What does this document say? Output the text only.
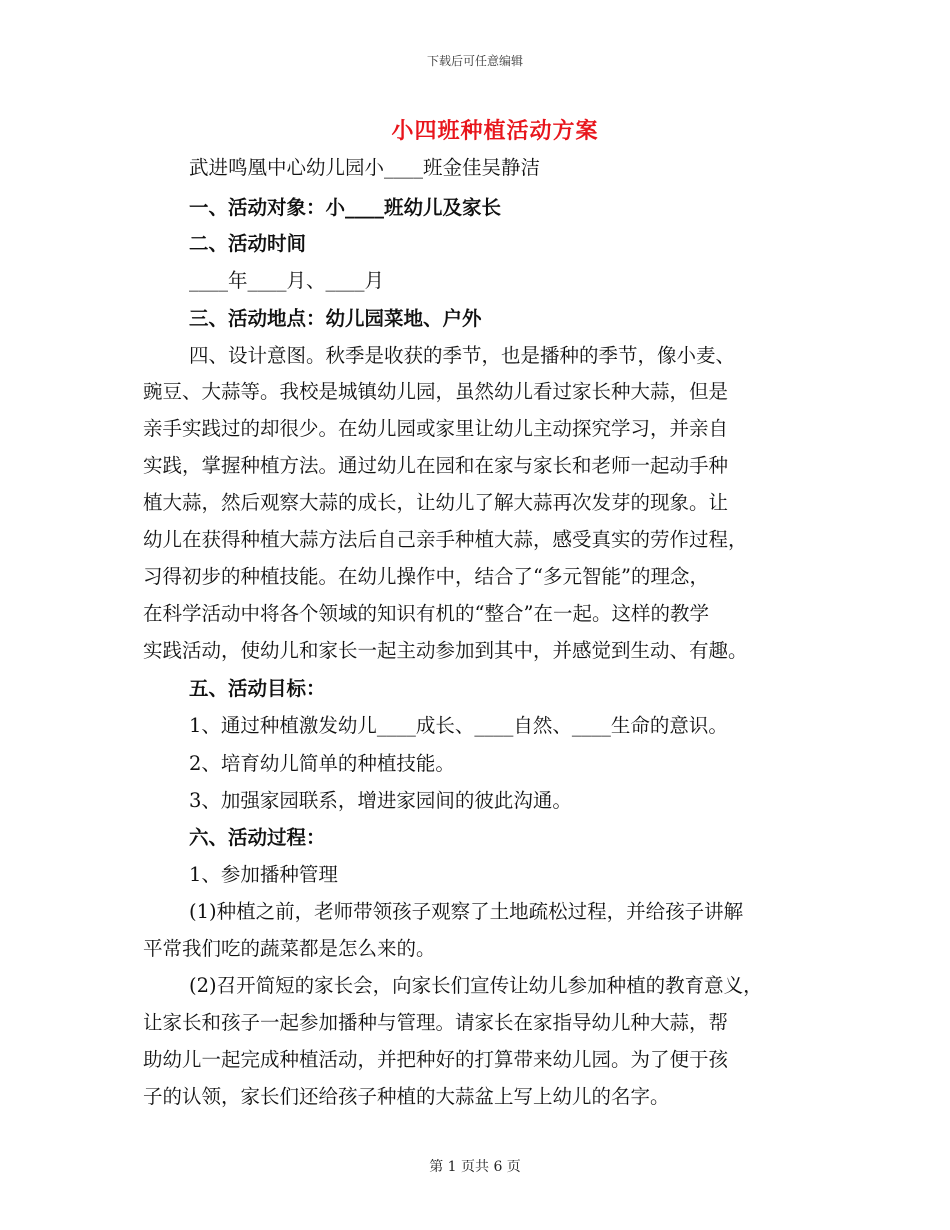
下载后可任意编辑
小四班种植活动方案
武进鸣凰中心幼儿园小____班金佳吴静洁
一、活动对象：小____班幼儿及家长
二、活动时间
____年____月、____月
三、活动地点：幼儿园菜地、户外
四、设计意图。秋季是收获的季节，也是播种的季节，像小麦、
豌豆、大蒜等。我校是城镇幼儿园，虽然幼儿看过家长种大蒜，但是
亲手实践过的却很少。在幼儿园或家里让幼儿主动探究学习，并亲自
实践，掌握种植方法。通过幼儿在园和在家与家长和老师一起动手种
植大蒜，然后观察大蒜的成长，让幼儿了解大蒜再次发芽的现象。让
幼儿在获得种植大蒜方法后自己亲手种植大蒜，感受真实的劳作过程，
习得初步的种植技能。在幼儿操作中，结合了“多元智能”的理念，
在科学活动中将各个领域的知识有机的“整合”在一起。这样的教学
实践活动，使幼儿和家长一起主动参加到其中，并感觉到生动、有趣。
五、活动目标：
1、通过种植激发幼儿____成长、____自然、____生命的意识。
2、培育幼儿简单的种植技能。
3、加强家园联系，增进家园间的彼此沟通。
六、活动过程：
1、参加播种管理
(1)种植之前，老师带领孩子观察了土地疏松过程，并给孩子讲解
平常我们吃的蔬菜都是怎么来的。
(2)召开简短的家长会，向家长们宣传让幼儿参加种植的教育意义，
让家长和孩子一起参加播种与管理。请家长在家指导幼儿种大蒜，帮
助幼儿一起完成种植活动，并把种好的打算带来幼儿园。为了便于孩
子的认领，家长们还给孩子种植的大蒜盆上写上幼儿的名字。
第 1 页共 6 页
